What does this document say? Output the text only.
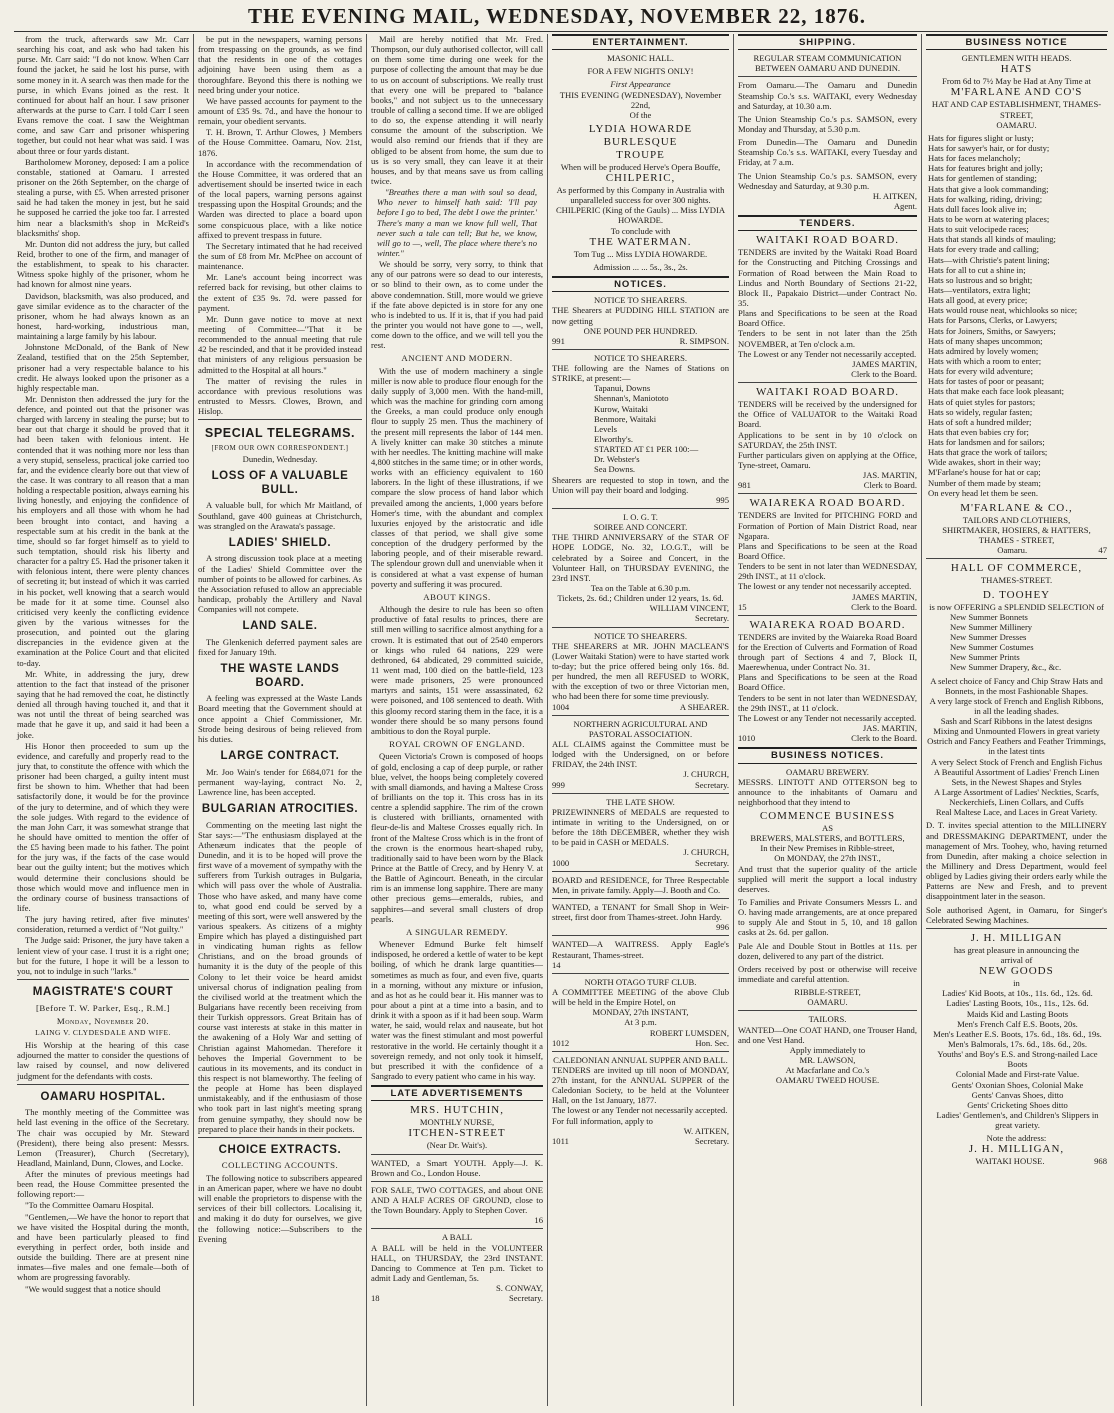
THE EVENING MAIL, WEDNESDAY, NOVEMBER 22, 1876.

from the truck, afterwards saw Mr. Carr searching his coat, and ask who had taken his purse. Mr. Carr said: "I do not know. When Carr found the jacket, he said he lost his purse, with some money in it. A search was then made for the purse, in which Evans joined as the rest. It continued for about half an hour. I saw prisoner afterwards at the purse to Carr. I told Carr I seen Evans remove the coat. I saw the Weightman come, and saw Carr and prisoner whispering together, but could not hear what was said. I was about three or four yards distant.

Bartholomew Moroney, deposed: I am a police constable, stationed at Oamaru. I arrested prisoner on the 26th September, on the charge of stealing a purse, with £5. When arrested prisoner said he had taken the money in jest, but he said he supposed he carried the joke too far. I arrested him near a blacksmith's shop in McReid's blacksmiths' shop.

Mr. Dunton did not address the jury, but called Reid, brother to one of the firm, and manager of the establishment, to speak to his character. Witness spoke highly of the prisoner, whom he had known for almost nine years.

Davidson, blacksmith, was also produced, and gave similar evidence as to the character of the prisoner, whom he had always known as an honest, hard-working, industrious man, maintaining a large family by his labour.

Johnstone McDonald, of the Bank of New Zealand, testified that on the 25th September, prisoner had a very respectable balance to his credit. He always looked upon the prisoner as a highly respectable man.

Mr. Denniston then addressed the jury for the defence, and pointed out that the prisoner was charged with larceny in stealing the purse; but to bear out that charge it should be proved that it had been taken with felonious intent. He contended that it was nothing more nor less than a very stupid, senseless, practical joke carried too far, and the evidence clearly bore out that view of the case. It was contrary to all reason that a man holding a respectable position, always earning his living honestly, and enjoying the confidence of his employers and all those with whom he had been brought into contact, and having a respectable sum at his credit in the bank at the time, should so far forget himself as to yield to such temptation, should risk his liberty and character for a paltry £5. Had the prisoner taken it with felonious intent, there were plenty chances of secreting it; but instead of which it was carried in his pocket, well knowing that a search would be made for it at some time. Counsel also criticised very keenly the conflicting evidence given by the various witnesses for the prosecution, and pointed out the glaring discrepancies in the evidence given at the examination at the Police Court and that elicited to-day.

Mr. White, in addressing the jury, drew attention to the fact that instead of the prisoner saying that he had removed the coat, he distinctly denied all through having touched it, and that it was not until the threat of being searched was made that he gave it up, and said it had been a joke.

His Honor then proceeded to sum up the evidence, and carefully and properly read to the jury that, to constitute the offence with which the prisoner had been charged, a guilty intent must first be shown to him. Whether that had been satisfactorily done, it would be for the province of the jury to determine, and of which they were the sole judges. With regard to the evidence of the man John Carr, it was somewhat strange that he should have omitted to mention the offer of the £5 having been made to his father. The point for the jury was, if the facts of the case would bear out the guilty intent; but the motives which would determine their conclusions should be those which would move and influence men in the ordinary course of business transactions of life.

The jury having retired, after five minutes' consideration, returned a verdict of "Not guilty."

The Judge said: Prisoner, the jury have taken a lenient view of your case. I trust it is a right one; but for the future, I hope it will be a lesson to you, not to indulge in such "larks."

MAGISTRATE'S COURT
[Before T. W. Parker, Esq., R.M.]
Monday, November 20.
LAING V. CLYDESDALE AND WIFE.

His Worship at the hearing of this case adjourned the matter to consider the questions of law raised by counsel, and now delivered judgment for the defendants with costs.

OAMARU HOSPITAL.

The monthly meeting of the Committee was held last evening in the office of the Secretary. The chair was occupied by Mr. Steward (President), there being also present: Messrs. Lemon (Treasurer), Church (Secretary), Headland, Mainland, Dunn, Clowes, and Locke.

After the minutes of previous meetings had been read, the House Committee presented the following report:—

"To the Committee Oamaru Hospital.

"Gentlemen,—We have the honor to report that we have visited the Hospital during the month, and have been particularly pleased to find everything in perfect order, both inside and outside the building. There are at present nine inmates—five males and one female—both of whom are progressing favorably.

"We would suggest that a notice should

be put in the newspapers, warning persons from trespassing on the grounds, as we find that the residents in one of the cottages adjoining have been using them as a thoroughfare. Beyond this there is nothing we need bring under your notice.

We have passed accounts for payment to the amount of £35 9s. 7d., and have the honour to remain, your obedient servants.

T. H. Brown, T. Arthur Clowes, } Members of the House Committee. Oamaru, Nov. 21st, 1876.

In accordance with the recommendation of the House Committee, it was ordered that an advertisement should be inserted twice in each of the local papers, warning persons against trespassing upon the Hospital Grounds; and the Warden was directed to place a board upon some conspicuous place, with a like notice affixed to prevent trespass in future.

The Secretary intimated that he had received the sum of £8 from Mr. McPhee on account of maintenance.

Mr. Lane's account being incorrect was referred back for revising, but other claims to the extent of £35 9s. 7d. were passed for payment.

Mr. Dunn gave notice to move at next meeting of Committee—"That it be recommended to the annual meeting that rule 42 be rescinded, and that it be provided instead that ministers of any religious persuasion be admitted to the Hospital at all hours."

The matter of revising the rules in accordance with previous resolutions was entrusted to Messrs. Clowes, Brown, and Hislop.

SPECIAL TELEGRAMS.
[FROM OUR OWN CORRESPONDENT.]
Dunedin, Wednesday.
LOSS OF A VALUABLE BULL.

A valuable bull, for which Mr Maitland, of Southland, gave 400 guineas at Christchurch, was strangled on the Arawata's passage.

LADIES' SHIELD.

A strong discussion took place at a meeting of the Ladies' Shield Committee over the number of points to be allowed for carbines. As the Association refused to allow an appreciable handicap, probably the Artillery and Naval Companies will not compete.

LAND SALE.

The Glenkenich deferred payment sales are fixed for January 19th.

THE WASTE LANDS BOARD.

A feeling was expressed at the Waste Lands Board meeting that the Government should at once appoint a Chief Commissioner, Mr. Strode being desirous of being relieved from his duties.

LARGE CONTRACT.

Mr. Joo Wain's tender for £684,071 for the permanent way-laying, contract No. 2, Lawrence line, has been accepted.

BULGARIAN ATROCITIES.

Commenting on the meeting last night the Star says:—"The enthusiasm displayed at the Athenæum indicates that the people of Dunedin, and it is to be hoped will prove the first wave of a movement of sympathy with the sufferers from Turkish outrages in Bulgaria, which will pass over the whole of Australia. Those who have asked, and many have come to, what good end could be served by a meeting of this sort, were well answered by the various speakers. As citizens of a mighty Empire which has played a distinguished part in vindicating human rights as fellow Christians, and on the broad grounds of humanity it is the duty of the people of this Colony to let their voice be heard amidst universal chorus of indignation pealing from the civilised world at the treatment which the Bulgarians have recently been receiving from their Turkish oppressors. Great Britain has of course vast interests at stake in this matter in the awakening of a Holy War and setting of Christian against Mahomedan. Therefore it behoves the Imperial Government to be cautious in its movements, and its conduct in this respect is not blameworthy. The feeling of the people at Home has been displayed unmistakeably, and if the enthusiasm of those who took part in last night's meeting sprang from genuine sympathy, they should now be prepared to place their hands in their pockets.

CHOICE EXTRACTS.
COLLECTING ACCOUNTS.

The following notice to subscribers appeared in an American paper, where we have no doubt will enable the proprietors to dispense with the services of their bill collectors. Localising it, and making it do duty for ourselves, we give the following notice:—Subscribers to the Evening

Mail are hereby notified that Mr. Fred. Thompson, our duly authorised collector, will call on them some time during one week for the purpose of collecting the amount that may be due to us on account of subscriptions. We really trust that every one will be prepared to "balance books," and not subject us to the unnecessary trouble of calling a second time. If we are obliged to do so, the expense attending it will nearly consume the amount of the subscription. We would also remind our friends that if they are obliged to be absent from home, the sum due to us is so very small, they can leave it at their houses, and by that means save us from calling twice.

"Breathes there a man with soul so dead, Who never to himself hath said: 'I'll pay before I go to bed, The debt I owe the printer.' There's many a man we know full well, That never such a tale can tell; But he, we know, will go to —, well, The place where there's no winter."

We should be sorry, very sorry, to think that any of our patrons were so dead to our interests, or so blind to their own, as to come under the above condemnation. Still, more would we grieve if the fate above depicted is in store for any one who is indebted to us. If it is, that if you had paid the printer you would not have gone to —, well, come down to the office, and we will tell you the rest.

ANCIENT AND MODERN.

With the use of modern machinery a single miller is now able to produce flour enough for the daily supply of 3,000 men. With the hand-mill, which was the machine for grinding corn among the Greeks, a man could produce only enough flour to supply 25 men. Thus the machinery of the present mill represents the labor of 144 men. A lively knitter can make 30 stitches a minute with her needles. The knitting machine will make 4,800 stitches in the same time; or in other words, works with an efficiency equivalent to 160 laborers. In the light of these illustrations, if we compare the slow process of hand labor which prevailed among the ancients, 1,000 years before Homer's time, with the abundant and complex luxuries enjoyed by the aristocratic and idle classes of that period, we shall give some conception of the drudgery performed by the laboring people, and of their miserable reward. The splendour grown dull and unenviable when it is considered at what a vast expense of human poverty and suffering it was procured.

ABOUT KINGS.

Although the desire to rule has been so often productive of fatal results to princes, there are still men willing to sacrifice almost anything for a crown. It is estimated that out of 2540 emperors or kings who ruled 64 nations, 229 were dethroned, 64 abdicated, 29 committed suicide, 11 went mad, 100 died on the battle-field, 123 were made prisoners, 25 were pronounced martyrs and saints, 151 were assassinated, 62 were poisoned, and 108 sentenced to death. With this gloomy record staring them in the face, it is a wonder there should be so many persons found ambitious to don the Royal purple.

ROYAL CROWN OF ENGLAND.

Queen Victoria's Crown is composed of hoops of gold, enclosing a cap of deep purple, or rather blue, velvet, the hoops being completely covered with small diamonds, and having a Maltese Cross of brilliants on the top it. This cross has in its centre a splendid sapphire. The rim of the crown is clustered with brilliants, ornamented with fleur-de-lis and Maltese Crosses equally rich. In front of the Maltese Cross which is in the front of the crown is the enormous heart-shaped ruby, traditionally said to have been worn by the Black Prince at the Battle of Crecy, and by Henry V. at the Battle of Agincourt. Beneath, in the circular rim is an immense long sapphire. There are many other precious gems—emeralds, rubies, and sapphires—and several small clusters of drop pearls.

A SINGULAR REMEDY.

Whenever Edmund Burke felt himself indisposed, he ordered a kettle of water to be kept boiling, of which he drank large quantities—sometimes as much as four, and even five, quarts in a morning, without any mixture or infusion, and as hot as he could bear it. His manner was to pour about a pint at a time into a basin, and to drink it with a spoon as if it had been soup. Warm water, he said, would relax and nauseate, but hot water was the finest stimulant and most powerful restorative in the world. He certainly thought it a sovereign remedy, and not only took it himself, but prescribed it with the confidence of a Sangrado to every patient who came in his way.

LATE ADVERTISEMENTS
MRS. HUTCHIN,
MONTHLY NURSE,
ITCHEN-STREET
(Near Dr. Wait's).
WANTED, a Smart YOUTH. Apply—J. K. Brown and Co., London House.
FOR SALE, TWO COTTAGES, and about ONE AND A HALF ACRES OF GROUND, close to the Town Boundary. Apply to Stephen Cover.
16
A BALL
A BALL will be held in the VOLUNTEER HALL, on THURSDAY, the 23rd INSTANT. Dancing to Commence at Ten p.m. Ticket to admit Lady and Gentleman, 5s.
S. CONWAY,
18	Secretary.
ENTERTAINMENT.
MASONIC HALL.
FOR A FEW NIGHTS ONLY!
First Appearance
THIS EVENING (WEDNESDAY), November 22nd,
Of the
LYDIA HOWARDE BURLESQUE
TROUPE
When will be produced Herve's Opera Bouffe,
CHILPERIC,
As performed by this Company in Australia with unparalleled success for over 300 nights.
CHILPERIC (King of the Gauls) ... Miss LYDIA HOWARDE.
To conclude with
THE WATERMAN.
Tom Tug ... Miss LYDIA HOWARDE.
Admission ... ... 5s., 3s., 2s.
NOTICES.
NOTICE TO SHEARERS.
THE Shearers at PUDDING HILL STATION are now getting
ONE POUND PER HUNDRED.
991	R. SIMPSON.
NOTICE TO SHEARERS.
THE following are the Names of Stations on STRIKE, at present:—
Tapanui, Downs
Shennan's, Maniototo
Kurow, Waitaki
Benmore, Waitaki
Levels
Elworthy's.
STARTED AT £1 PER 100:—
Dr. Webster's
Sea Downs.
Shearers are requested to stop in town, and the Union will pay their board and lodging.
995
I. O. G. T.
SOIREE AND CONCERT.
THE THIRD ANNIVERSARY of the STAR OF HOPE LODGE, No. 32, I.O.G.T., will be celebrated by a Soiree and Concert, in the Volunteer Hall, on THURSDAY EVENING, the 23rd INST.
Tea on the Table at 6.30 p.m.
Tickets, 2s. 6d.; Children under 12 years, 1s. 6d.
WILLIAM VINCENT,
Secretary.
NOTICE TO SHEARERS.
THE SHEARERS at MR. JOHN MACLEAN'S (Lower Waitaki Station) were to have started work to-day; but the price offered being only 16s. 8d. per hundred, the men all REFUSED to WORK, with the exception of two or three Victorian men, who had been there for some time previously.
1004	A SHEARER.
NORTHERN AGRICULTURAL AND PASTORAL ASSOCIATION.
ALL CLAIMS against the Committee must be lodged with the Undersigned, on or before FRIDAY, the 24th INST.
J. CHURCH,
999	Secretary.
THE LATE SHOW.
PRIZEWINNERS of MEDALS are requested to intimate in writing to the Undersigned, on or before the 18th DECEMBER, whether they wish to be paid in CASH or MEDALS.
J. CHURCH,
1000	Secretary.
BOARD and RESIDENCE, for Three Respectable Men, in private family. Apply—J. Booth and Co.
WANTED, a TENANT for Small Shop in Weir-street, first door from Thames-street. John Hardy.
996
WANTED—A WAITRESS. Apply Eagle's Restaurant, Thames-street.
14
NORTH OTAGO TURF CLUB.
A COMMITTEE MEETING of the above Club will be held in the Empire Hotel, on
MONDAY, 27th INSTANT,
At 3 p.m.
ROBERT LUMSDEN,
1012	Hon. Sec.
CALEDONIAN ANNUAL SUPPER AND BALL.
TENDERS are invited up till noon of MONDAY, 27th instant, for the ANNUAL SUPPER of the Caledonian Society, to be held at the Volunteer Hall, on the 1st January, 1877.
The lowest or any Tender not necessarily accepted.
For full information, apply to
W. AITKEN,
1011	Secretary.
SHIPPING.
REGULAR STEAM COMMUNICATION BETWEEN OAMARU AND DUNEDIN.
From Oamaru.—The Oamaru and Dunedin Steamship Co.'s s.s. WAITAKI, every Wednesday and Saturday, at 10.30 a.m.
The Union Steamship Co.'s p.s. SAMSON, every Monday and Thursday, at 5.30 p.m.
From Dunedin—The Oamaru and Dunedin Steamship Co.'s s.s. WAITAKI, every Tuesday and Friday, at 7 a.m.
The Union Steamship Co.'s p.s. SAMSON, every Wednesday and Saturday, at 9.30 p.m.
H. AITKEN,
Agent.
TENDERS.
WAITAKI ROAD BOARD.
TENDERS are invited by the Waitaki Road Board for the Constructing and Pitching Crossings and Formation of Road between the Main Road to Lindus and North Boundary of Sections 21-22, Block II., Papakaio District—under Contract No. 35.
Plans and Specifications to be seen at the Road Board Office.
Tenders to be sent in not later than the 25th NOVEMBER, at Ten o'clock a.m.
The Lowest or any Tender not necessarily accepted.
JAMES MARTIN,
Clerk to the Board.
WAITAKI ROAD BOARD.
TENDERS will be received by the undersigned for the Office of VALUATOR to the Waitaki Road Board.
Applications to be sent in by 10 o'clock on SATURDAY, the 25th INST.
Further particulars given on applying at the Office, Tyne-street, Oamaru.
JAS. MARTIN,
981	Clerk to Board.
WAIAREKA ROAD BOARD.
TENDERS are Invited for PITCHING FORD and Formation of Portion of Main District Road, near Ngapara.
Plans and Specifications to be seen at the Road Board Office.
Tenders to be sent in not later than WEDNESDAY, 29th INST., at 11 o'clock.
The lowest or any tender not necessarily accepted.
JAMES MARTIN,
15	Clerk to the Board.
WAIAREKA ROAD BOARD.
TENDERS are invited by the Waiareka Road Board for the Erection of Culverts and Formation of Road through part of Sections 4 and 7, Block II, Maerewhenua, under Contract No. 31.
Plans and Specifications to be seen at the Road Board Office.
Tenders to be sent in not later than WEDNESDAY, the 29th INST., at 11 o'clock.
The Lowest or any Tender not necessarily accepted.
JAS. MARTIN,
1010	Clerk to the Board.
BUSINESS NOTICES.
OAMARU BREWERY.
MESSRS. LINTOTT AND OTTERSON beg to announce to the inhabitants of Oamaru and neighborhood that they intend to
COMMENCE BUSINESS
AS
BREWERS, MALSTERS, and BOTTLERS,
In their New Premises in Ribble-street,
On MONDAY, the 27th INST.,
And trust that the superior quality of the article supplied will merit the support a local industry deserves.
To Families and Private Consumers Messrs L. and O. having made arrangements, are at once prepared to supply Ale and Stout in 5, 10, and 18 gallon casks at 2s. 6d. per gallon.
Pale Ale and Double Stout in Bottles at 11s. per dozen, delivered to any part of the district.
Orders received by post or otherwise will receive immediate and careful attention.
RIBBLE-STREET,
OAMARU.
TAILORS.
WANTED—One COAT HAND, one Trouser Hand, and one Vest Hand.
Apply immediately to
MR. LAWSON,
At Macfarlane and Co.'s
OAMARU TWEED HOUSE.
BUSINESS NOTICE
GENTLEMEN WITH HEADS.
HATS
From 6d to 7½ May be Had at Any Time at
M'FARLANE AND CO'S
HAT AND CAP ESTABLISHMENT, THAMES-STREET,
OAMARU.
Hats for figures slight or lusty;
Hats for sawyer's hair, or for dusty;
Hats for faces melancholy;
Hats for features bright and jolly;
Hats for gentlemen of standing;
Hats that give a look commanding;
Hats for walking, riding, driving;
Hats dull faces look alive in;
Hats to be worn at watering places;
Hats to suit velocipede races;
Hats that stands all kinds of mauling;
Hats for every trade and calling;
Hats—with Christie's patent lining;
Hats for all to cut a shine in;
Hats so lustrous and so bright;
Hats—ventilators, extra light;
Hats all good, at every price;
Hats would rouse neat, whichlooks so nice;
Hats for Parsons, Clerks, or Lawyers;
Hats for Joiners, Smiths, or Sawyers;
Hats of many shapes uncommon;
Hats admired by lovely women;
Hats with which a room to enter;
Hats for every wild adventure;
Hats for tastes of poor or peasant;
Hats that make each face look pleasant;
Hats of quiet styles for pastors;
Hats so widely, regular fasten;
Hats of soft a hundred milder;
Hats that even babies cry for;
Hats for landsmen and for sailors;
Hats that grace the work of tailors;
Wide awakes, short in their way;
M'Farlane's house for hat or cap;
Number of them made by steam;
On every head let them be seen.
M'FARLANE & CO.,
TAILORS AND CLOTHIERS,
SHIRTMAKER, HOSIERS, & HATTERS,
THAMES - STREET,
Oamaru.	47
HALL OF COMMERCE,
THAMES-STREET.
D. TOOHEY
is now OFFERING a SPLENDID SELECTION of
New Summer Bonnets
New Summer Millinery
New Summer Dresses
New Summer Costumes
New Summer Prints
New Summer Drapery, &c., &c.
A select choice of Fancy and Chip Straw Hats and Bonnets, in the most Fashionable Shapes.
A very large stock of French and English Ribbons, in all the leading shades.
Sash and Scarf Ribbons in the latest designs
Mixing and Unmounted Flowers in great variety
Ostrich and Fancy Feathers and Feather Trimmings, in the latest tints
A very Select Stock of French and English Fichus
A Beautiful Assortment of Ladies' French Linen Sets, in the Newest Shapes and Styles
A Large Assortment of Ladies' Neckties, Scarfs, Neckerchiefs, Linen Collars, and Cuffs
Real Maltese Lace, and Laces in Great Variety.
D. T. invites special attention to the MILLINERY and DRESSMAKING DEPARTMENT, under the management of Mrs. Toohey, who, having returned from Dunedin, after making a choice selection in the Millinery and Dress Department, would feel obliged by Ladies giving their orders early while the Patterns are New and Fresh, and to prevent disappointment later in the season.
Sole authorised Agent, in Oamaru, for Singer's Celebrated Sewing Machines.
J. H. MILLIGAN
has great pleasure in announcing the
arrival of
NEW GOODS
in
Ladies' Kid Boots, at 10s., 11s. 6d., 12s. 6d.
Ladies' Lasting Boots, 10s., 11s., 12s. 6d.
Maids Kid and Lasting Boots
Men's French Calf E.S. Boots, 20s.
Men's Leather E.S. Boots, 17s. 6d., 18s. 6d., 19s.
Men's Balmorals, 17s. 6d., 18s. 6d., 20s.
Youths' and Boy's E.S. and Strong-nailed Lace Boots
Colonial Made and First-rate Value.
Gents' Oxonian Shoes, Colonial Make
Gents' Canvas Shoes, ditto
Gents' Cricketing Shoes ditto
Ladies' Gentlemen's, and Children's Slippers in great variety.
Note the address:
J. H. MILLIGAN,
WAITAKI HOUSE.	968
